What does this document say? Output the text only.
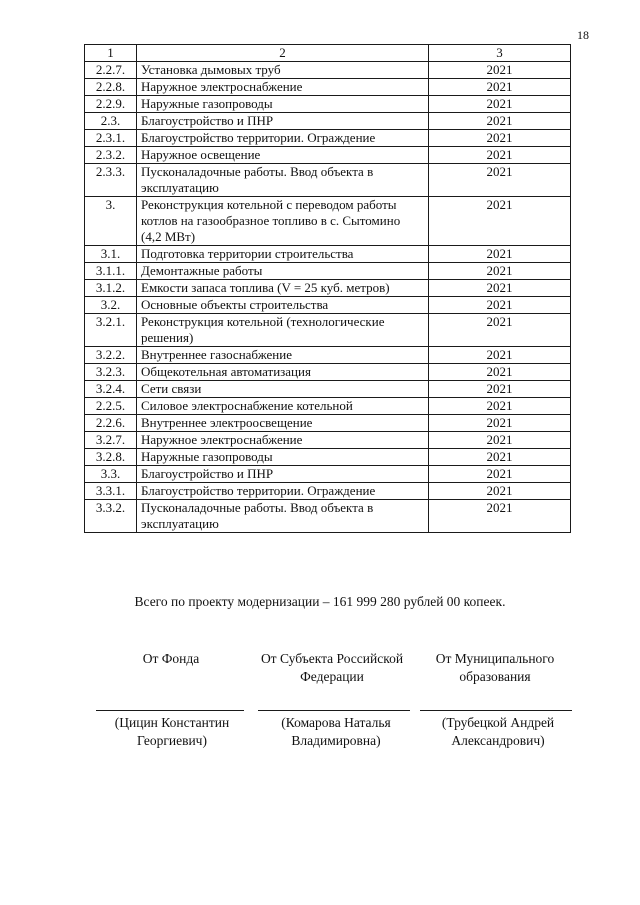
18
1	2	3
2.2.7.	Установка дымовых труб	2021
2.2.8.	Наружное электроснабжение	2021
2.2.9.	Наружные газопроводы	2021
2.3.	Благоустройство и ПНР	2021
2.3.1.	Благоустройство территории. Ограждение	2021
2.3.2.	Наружное освещение	2021
2.3.3.	Пусконаладочные работы. Ввод объекта в эксплуатацию	2021
3.	Реконструкция котельной с переводом работы котлов на газообразное топливо в с. Сытомино (4,2 МВт)	2021
3.1.	Подготовка территории строительства	2021
3.1.1.	Демонтажные работы	2021
3.1.2.	Емкости запаса топлива (V = 25 куб. метров)	2021
3.2.	Основные объекты строительства	2021
3.2.1.	Реконструкция котельной (технологические решения)	2021
3.2.2.	Внутреннее газоснабжение	2021
3.2.3.	Общекотельная автоматизация	2021
3.2.4.	Сети связи	2021
2.2.5.	Силовое электроснабжение котельной	2021
2.2.6.	Внутреннее электроосвещение	2021
3.2.7.	Наружное электроснабжение	2021
3.2.8.	Наружные газопроводы	2021
3.3.	Благоустройство и ПНР	2021
3.3.1.	Благоустройство территории. Ограждение	2021
3.3.2.	Пусконаладочные работы. Ввод объекта в эксплуатацию	2021
Всего по проекту модернизации – 161 999 280 рублей 00 копеек.
От Фонда	От Субъекта Российской Федерации
От Муниципального образования
(Цицин Константин Георгиевич)
(Комарова Наталья Владимировна)
(Трубецкой Андрей Александрович)
